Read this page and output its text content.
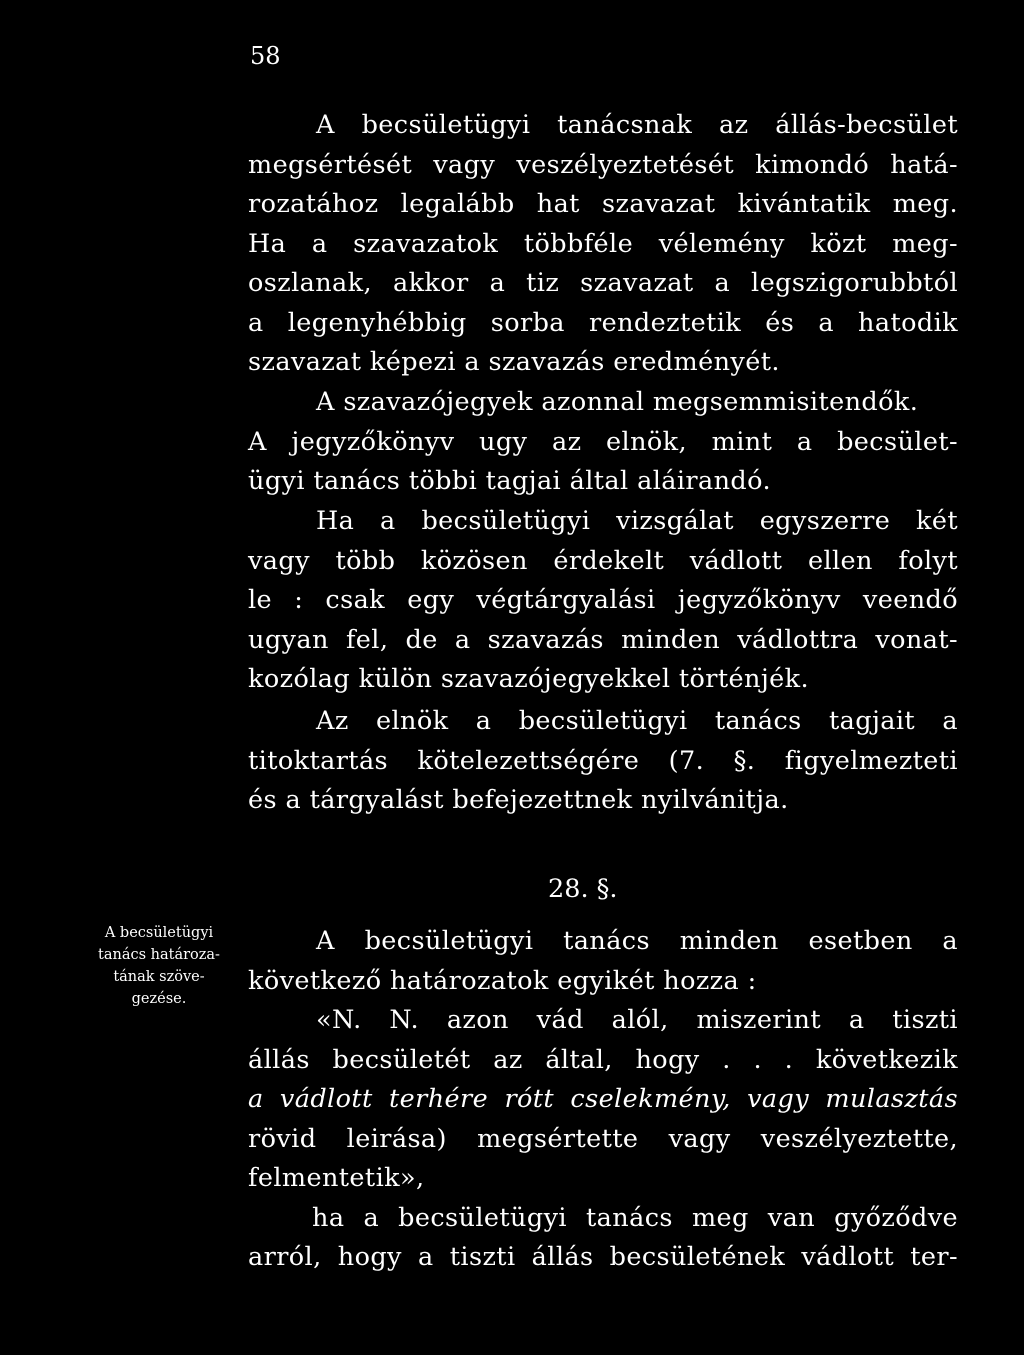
58
A becsületügyi tanácsnak az állás-becsület
megsértését vagy veszélyeztetését kimondó hatá-
rozatához legalább hat szavazat kivántatik meg.
Ha a szavazatok többféle vélemény közt meg-
oszlanak, akkor a tiz szavazat a legszigorubbtól
a legenyhébbig sorba rendeztetik és a hatodik
szavazat képezi a szavazás eredményét.
A szavazójegyek azonnal megsemmisitendők.
A jegyzőkönyv ugy az elnök, mint a becsület-
ügyi tanács többi tagjai által aláirandó.
Ha a becsületügyi vizsgálat egyszerre két
vagy több közösen érdekelt vádlott ellen folyt
le : csak egy végtárgyalási jegyzőkönyv veendő
ugyan fel, de a szavazás minden vádlottra vonat-
kozólag külön szavazójegyekkel történjék.
Az elnök a becsületügyi tanács tagjait a
titoktartás kötelezettségére (7. §. figyelmezteti
és a tárgyalást befejezettnek nyilvánitja.
28. §.
A becsületügyi
tanács határoza-
tának szöve-
gezése.
A becsületügyi tanács minden esetben a
következő határozatok egyikét hozza :
«N. N. azon vád alól, miszerint a tiszti
állás becsületét az által, hogy . . . következik
a vádlott terhére rótt cselekmény, vagy mulasztás
rövid leirása) megsértette vagy veszélyeztette,
felmentetik»,
ha a becsületügyi tanács meg van győződve
arról, hogy a tiszti állás becsületének vádlott ter-
